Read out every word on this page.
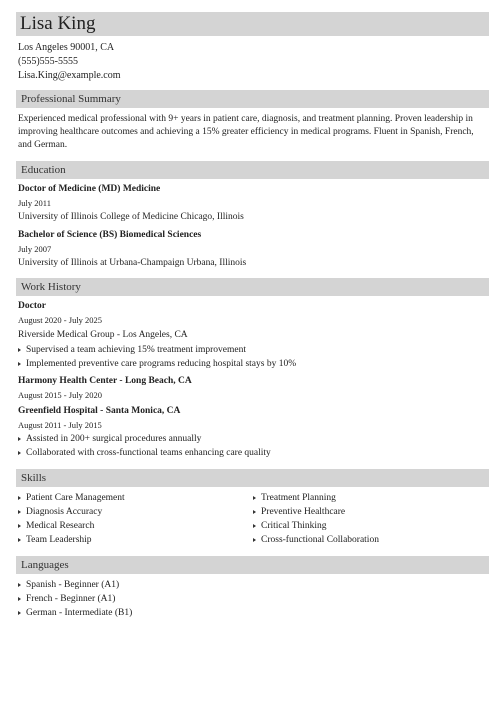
Lisa King
Los Angeles 90001, CA
(555)555-5555
Lisa.King@example.com
Professional Summary
Experienced medical professional with 9+ years in patient care, diagnosis, and treatment planning. Proven leadership in
improving healthcare outcomes and achieving a 15% greater efficiency in medical programs. Fluent in Spanish, French,
and German.
Education
Doctor of Medicine (MD) Medicine
July 2011
University of Illinois College of Medicine Chicago, Illinois
Bachelor of Science (BS) Biomedical Sciences
July 2007
University of Illinois at Urbana-Champaign Urbana, Illinois
Work History
Doctor
August 2020 - July 2025
Riverside Medical Group - Los Angeles, CA
Supervised a team achieving 15% treatment improvement
Implemented preventive care programs reducing hospital stays by 10%
Harmony Health Center - Long Beach, CA
August 2015 - July 2020
Greenfield Hospital - Santa Monica, CA
August 2011 - July 2015
Assisted in 200+ surgical procedures annually
Collaborated with cross-functional teams enhancing care quality
Skills
Patient Care Management
Diagnosis Accuracy
Medical Research
Team Leadership
Treatment Planning
Preventive Healthcare
Critical Thinking
Cross-functional Collaboration
Languages
Spanish - Beginner (A1)
French - Beginner (A1)
German - Intermediate (B1)
